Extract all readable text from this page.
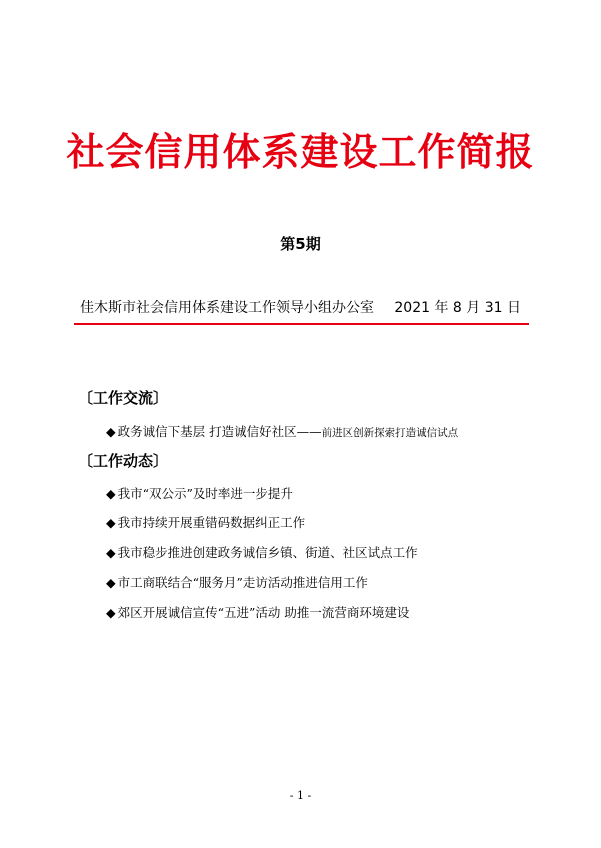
社会信用体系建设工作简报
第5期
佳木斯市社会信用体系建设工作领导小组办公室 2021 年 8 月 31 日
〔工作交流〕
◆ 政务诚信下基层 打造诚信好社区——前进区创新探索打造诚信试点
〔工作动态〕
◆ 我市“双公示”及时率进一步提升
◆ 我市持续开展重错码数据纠正工作
◆ 我市稳步推进创建政务诚信乡镇、街道、社区试点工作
◆ 市工商联结合“服务月”走访活动推进信用工作
◆ 郊区开展诚信宣传“五进”活动 助推一流营商环境建设
- 1 -
